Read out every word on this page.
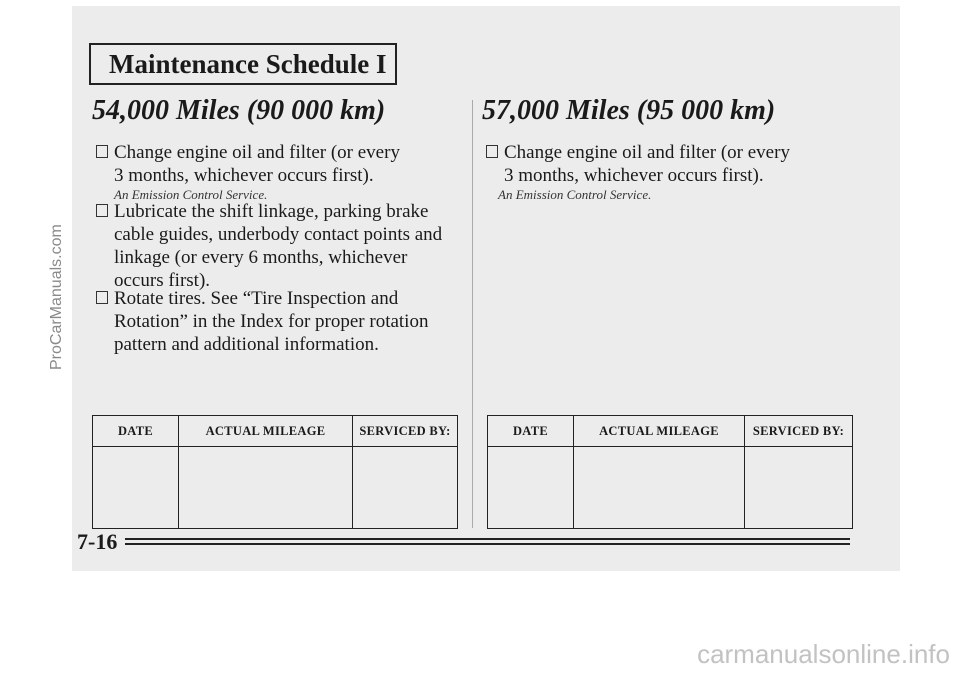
Maintenance Schedule I
54,000 Miles (90 000 km)
Change engine oil and filter (or every
3 months, whichever occurs first).
An Emission Control Service.
Lubricate the shift linkage, parking brake
cable guides, underbody contact points and
linkage (or every 6 months, whichever
occurs first).
Rotate tires. See “Tire Inspection and
Rotation” in the Index for proper rotation
pattern and additional information.
DATE	ACTUAL MILEAGE	SERVICED BY:

57,000 Miles (95 000 km)
Change engine oil and filter (or every
3 months, whichever occurs first).
An Emission Control Service.
DATE	ACTUAL MILEAGE	SERVICED BY:

7-16
ProCarManuals.com
carmanualsonline.info
